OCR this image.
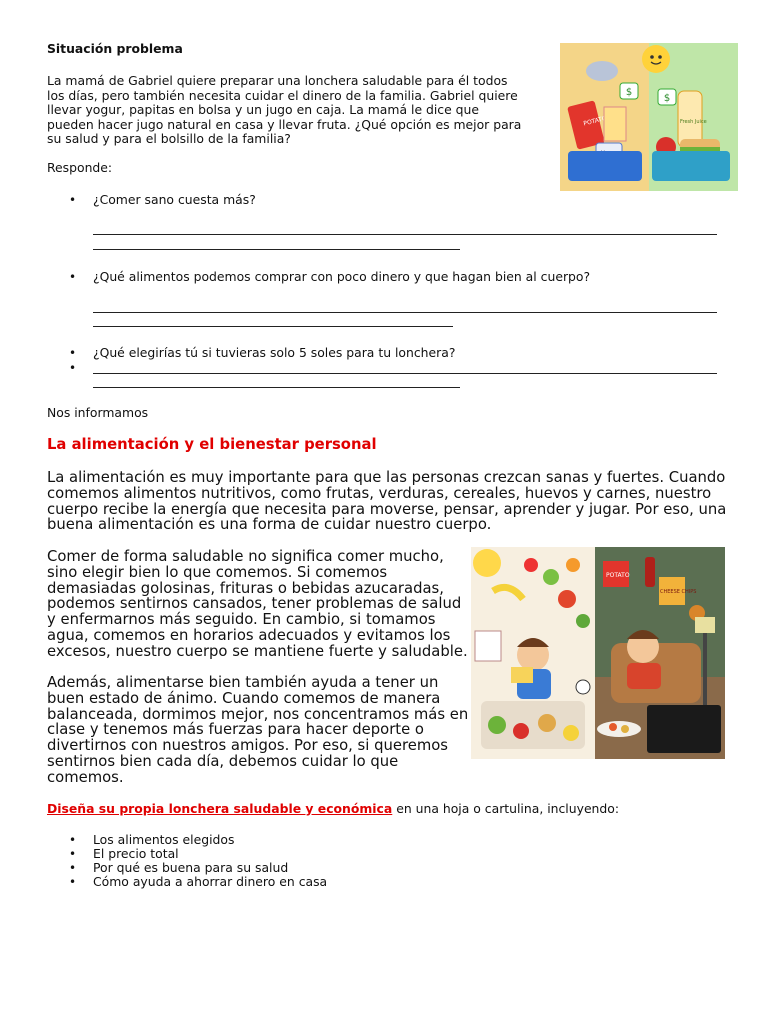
Situación problema
La mamá de Gabriel quiere preparar una lonchera saludable para él todos
los días, pero también necesita cuidar el dinero de la familia. Gabriel quiere
llevar yogur, papitas en bolsa y un jugo en caja. La mamá le dice que
pueden hacer jugo natural en casa y llevar fruta. ¿Qué opción es mejor para
su salud y para el bolsillo de la familia?
$
$
POTATO	Fresh Juice
Responde:
• ¿Comer sano cuesta más?
• ¿Qué alimentos podemos comprar con poco dinero y que hagan bien al cuerpo?
• ¿Qué elegirías tú si tuvieras solo 5 soles para tu lonchera?
Nos informamos
La alimentación y el bienestar personal
La alimentación es muy importante para que las personas crezcan sanas y fuertes. Cuando
comemos alimentos nutritivos, como frutas, verduras, cereales, huevos y carnes, nuestro
cuerpo recibe la energía que necesita para moverse, pensar, aprender y jugar. Por eso, una
buena alimentación es una forma de cuidar nuestro cuerpo.
Comer de forma saludable no significa comer mucho,
sino elegir bien lo que comemos. Si comemos
demasiadas golosinas, frituras o bebidas azucaradas,
podemos sentirnos cansados, tener problemas de salud
y enfermarnos más seguido. En cambio, si tomamos
agua, comemos en horarios adecuados y evitamos los
excesos, nuestro cuerpo se mantiene fuerte y saludable.
Además, alimentarse bien también ayuda a tener un
buen estado de ánimo. Cuando comemos de manera
balanceada, dormimos mejor, nos concentramos más en
clase y tenemos más fuerzas para hacer deporte o
divertirnos con nuestros amigos. Por eso, si queremos
sentirnos bien cada día, debemos cuidar lo que
comemos.
POTATO
CHEESE CHIPS
Diseña su propia lonchera saludable y económica en una hoja o cartulina, incluyendo:
• Los alimentos elegidos
• El precio total
• Por qué es buena para su salud
• Cómo ayuda a ahorrar dinero en casa
